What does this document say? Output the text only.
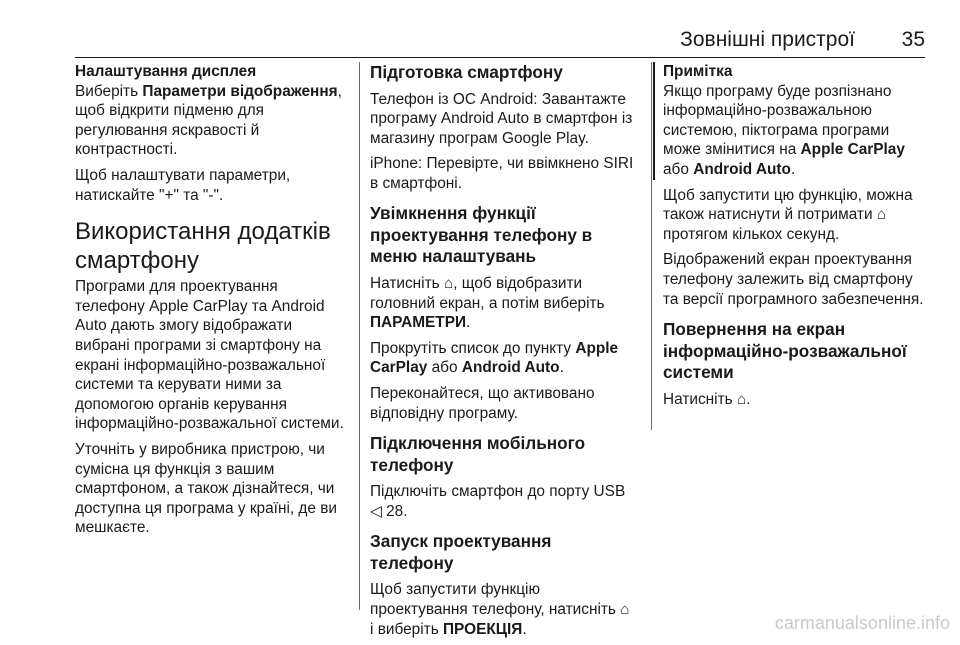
Зовнішні пристрої 35
Налаштування дисплея

Виберіть Параметри відображення, щоб відкрити підменю для регулювання яскравості й контрастності.

Щоб налаштувати параметри, натискайте "+" та "-".

Використання додатків смартфону

Програми для проектування телефону Apple CarPlay та Android Auto дають змогу відображати вибрані програми зі смартфону на екрані інформаційно-розважальної системи та керувати ними за допомогою органів керування інформаційно-розважальної системи.

Уточніть у виробника пристрою, чи сумісна ця функція з вашим смартфоном, а також дізнайтеся, чи доступна ця програма у країні, де ви мешкаєте.

Підготовка смартфону

Телефон із ОС Android: Завантажте програму Android Auto в смартфон із магазину програм Google Play.

iPhone: Перевірте, чи ввімкнено SIRI в смартфоні.

Увімкнення функції проектування телефону в меню налаштувань

Натисніть ⌂, щоб відобразити головний екран, а потім виберіть ПАРАМЕТРИ.

Прокрутіть список до пункту Apple CarPlay або Android Auto.

Переконайтеся, що активовано відповідну програму.

Підключення мобільного телефону

Підключіть смартфон до порту USB ◁ 28.

Запуск проектування телефону

Щоб запустити функцію проектування телефону, натисніть ⌂ і виберіть ПРОЕКЦІЯ.

Примітка
Якщо програму буде розпізнано інформаційно-розважальною системою, піктограма програми може змінитися на Apple CarPlay або Android Auto.

Щоб запустити цю функцію, можна також натиснути й потримати ⌂ протягом кількох секунд.

Відображений екран проектування телефону залежить від смартфону та версії програмного забезпечення.

Повернення на екран інформаційно-розважальної системи

Натисніть ⌂.

carmanualsonline.info
